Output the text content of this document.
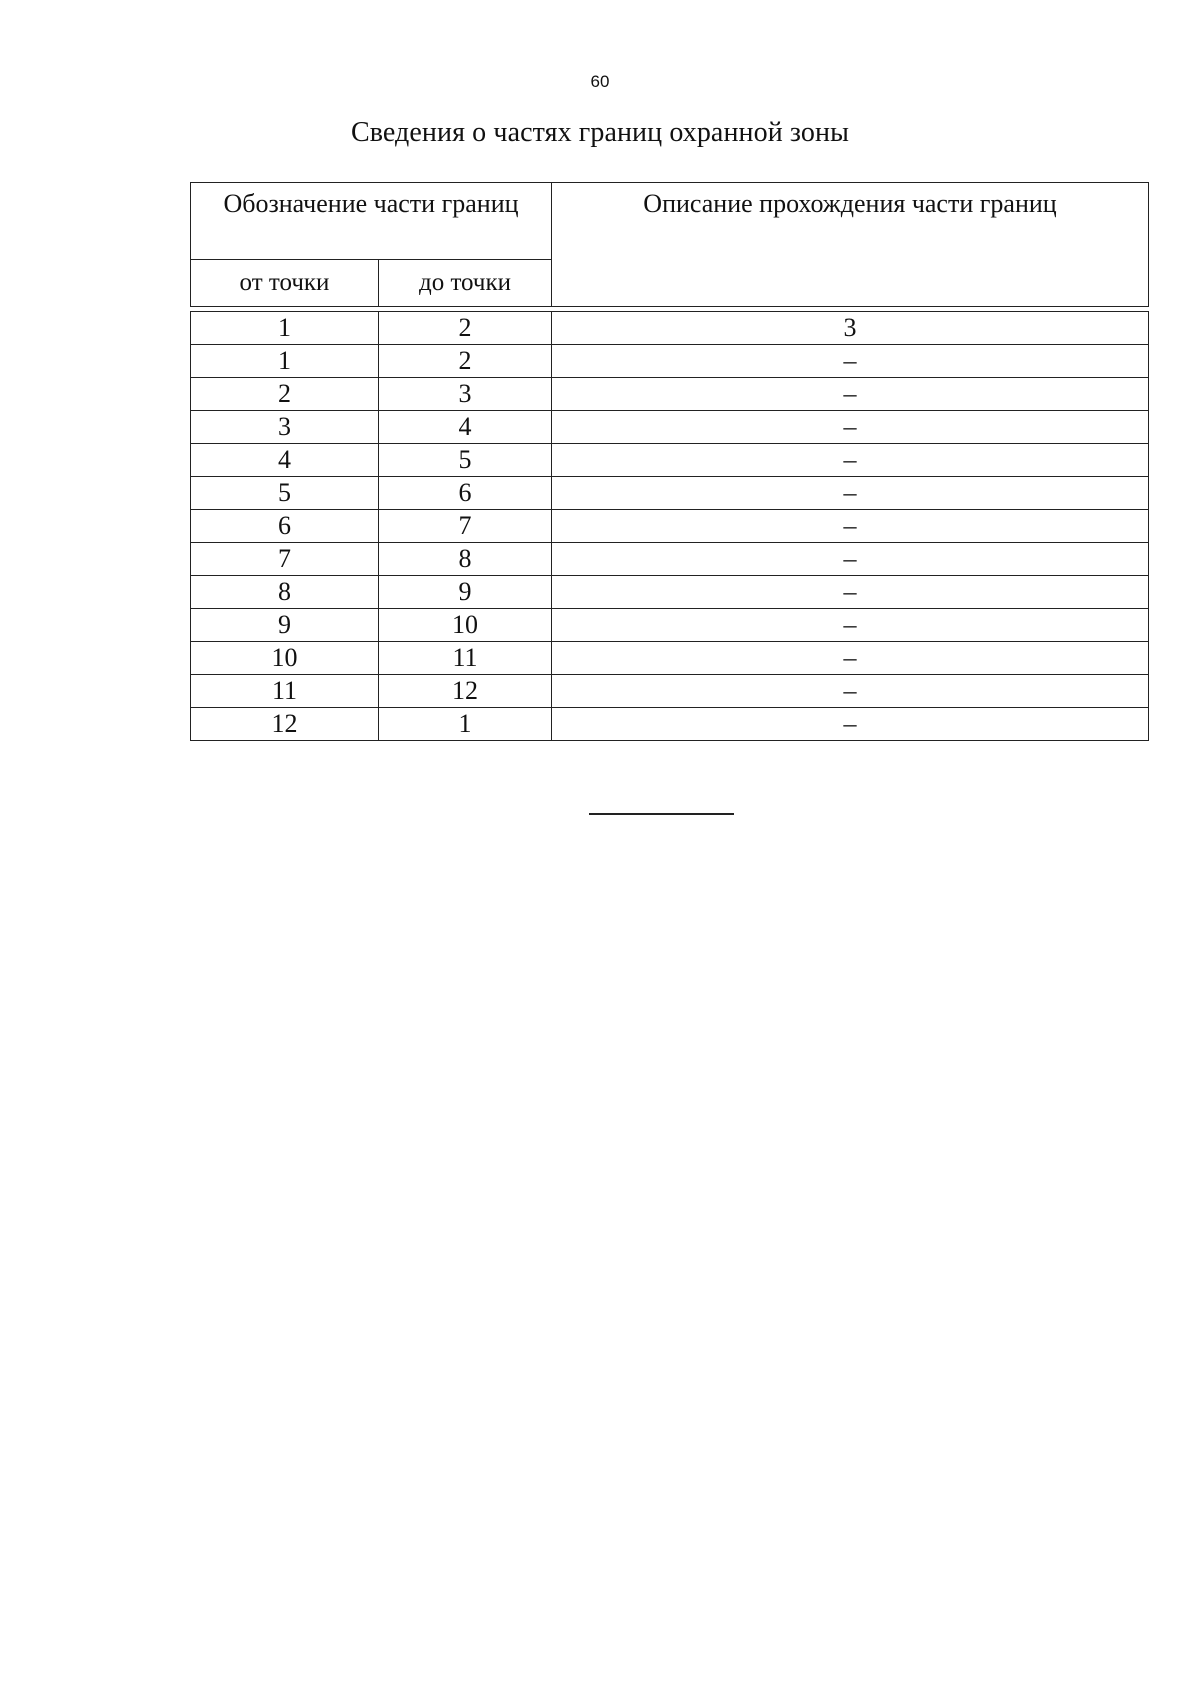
60
Сведения о частях границ охранной зоны
Обозначение части границ		Описание прохождения части границ
от точки	до точки	

1	2	3
1	2	–
2	3	–
3	4	–
4	5	–
5	6	–
6	7	–
7	8	–
8	9	–
9	10	–
10	11	–
11	12	–
12	1	–
